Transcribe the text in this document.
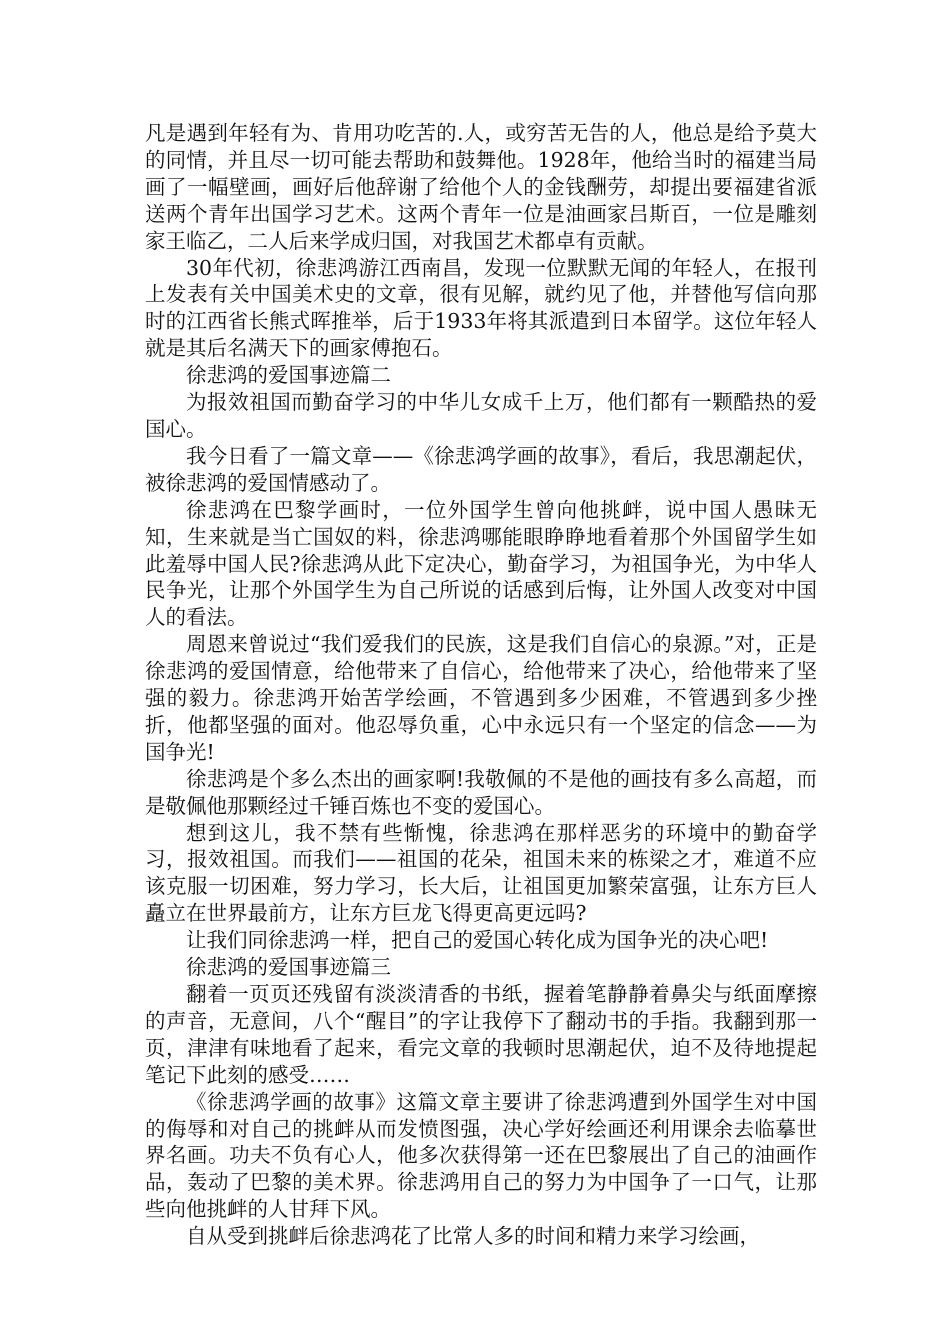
凡是遇到年轻有为、肯用功吃苦的.人，或穷苦无告的人，他总是给予莫大的同情，并且尽一切可能去帮助和鼓舞他。1928年，他给当时的福建当局画了一幅壁画，画好后他辞谢了给他个人的金钱酬劳，却提出要福建省派送两个青年出国学习艺术。这两个青年一位是油画家吕斯百，一位是雕刻家王临乙，二人后来学成归国，对我国艺术都卓有贡献。

30年代初，徐悲鸿游江西南昌，发现一位默默无闻的年轻人，在报刊上发表有关中国美术史的文章，很有见解，就约见了他，并替他写信向那时的江西省长熊式晖推举，后于1933年将其派遣到日本留学。这位年轻人就是其后名满天下的画家傅抱石。

徐悲鸿的爱国事迹篇二

为报效祖国而勤奋学习的中华儿女成千上万，他们都有一颗酷热的爱国心。

我今日看了一篇文章——《徐悲鸿学画的故事》，看后，我思潮起伏，被徐悲鸿的爱国情感动了。

徐悲鸿在巴黎学画时，一位外国学生曾向他挑衅，说中国人愚昧无知，生来就是当亡国奴的料，徐悲鸿哪能眼睁睁地看着那个外国留学生如此羞辱中国人民?徐悲鸿从此下定决心，勤奋学习，为祖国争光，为中华人民争光，让那个外国学生为自己所说的话感到后悔，让外国人改变对中国人的看法。

周恩来曾说过“我们爱我们的民族，这是我们自信心的泉源。”对，正是徐悲鸿的爱国情意，给他带来了自信心，给他带来了决心，给他带来了坚强的毅力。徐悲鸿开始苦学绘画，不管遇到多少困难，不管遇到多少挫折，他都坚强的面对。他忍辱负重，心中永远只有一个坚定的信念——为国争光!

徐悲鸿是个多么杰出的画家啊!我敬佩的不是他的画技有多么高超，而是敬佩他那颗经过千锤百炼也不变的爱国心。

想到这儿，我不禁有些惭愧，徐悲鸿在那样恶劣的环境中的勤奋学习，报效祖国。而我们——祖国的花朵，祖国未来的栋梁之才，难道不应该克服一切困难，努力学习，长大后，让祖国更加繁荣富强，让东方巨人矗立在世界最前方，让东方巨龙飞得更高更远吗?

让我们同徐悲鸿一样，把自己的爱国心转化成为国争光的决心吧!

徐悲鸿的爱国事迹篇三

翻着一页页还残留有淡淡清香的书纸，握着笔静静着鼻尖与纸面摩擦的声音，无意间，八个“醒目”的字让我停下了翻动书的手指。我翻到那一页，津津有味地看了起来，看完文章的我顿时思潮起伏，迫不及待地提起笔记下此刻的感受……

《徐悲鸿学画的故事》这篇文章主要讲了徐悲鸿遭到外国学生对中国的侮辱和对自己的挑衅从而发愤图强，决心学好绘画还利用课余去临摹世界名画。功夫不负有心人，他多次获得第一还在巴黎展出了自己的油画作品，轰动了巴黎的美术界。徐悲鸿用自己的努力为中国争了一口气，让那些向他挑衅的人甘拜下风。

自从受到挑衅后徐悲鸿花了比常人多的时间和精力来学习绘画，
